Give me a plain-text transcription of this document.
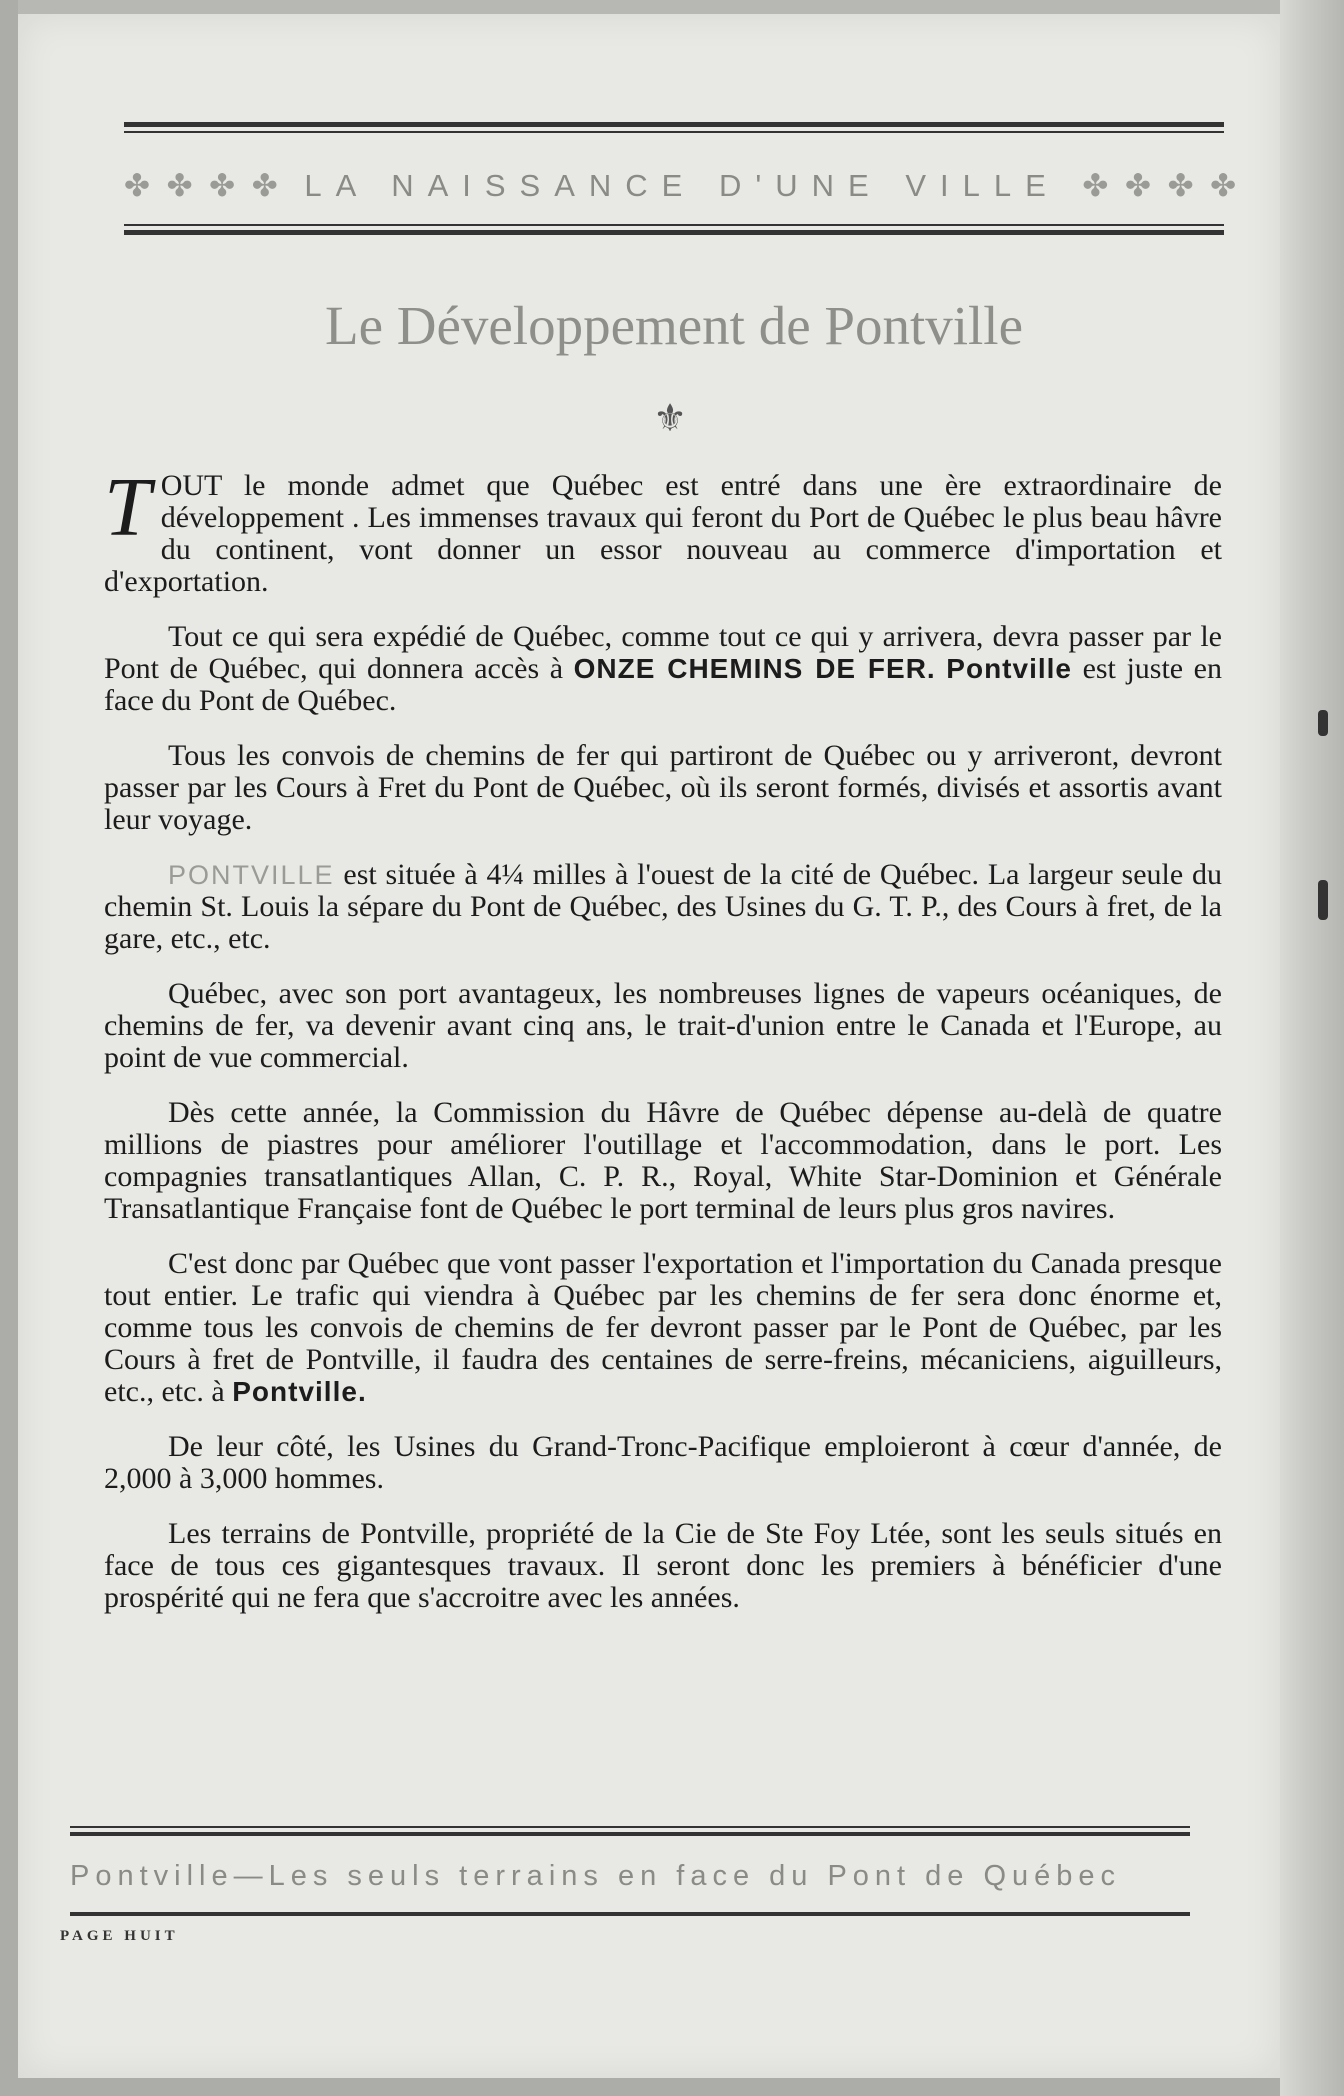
✤ ✤ ✤ ✤ LA NAISSANCE D'UNE VILLE ✤ ✤ ✤ ✤
Le Développement de Pontville
⚜

TOUT le monde admet que Québec est entré dans une ère extraordinaire de développement . Les immenses travaux qui feront du Port de Québec le plus beau hâvre du continent, vont donner un essor nouveau au commerce d'importation et d'exportation.

Tout ce qui sera expédié de Québec, comme tout ce qui y arrivera, devra passer par le Pont de Québec, qui donnera accès à ONZE CHEMINS DE FER. Pontville est juste en face du Pont de Québec.

Tous les convois de chemins de fer qui partiront de Québec ou y arriveront, devront passer par les Cours à Fret du Pont de Québec, où ils seront formés, divisés et assortis avant leur voyage.

PONTVILLE est située à 4¼ milles à l'ouest de la cité de Québec. La largeur seule du chemin St. Louis la sépare du Pont de Québec, des Usines du G. T. P., des Cours à fret, de la gare, etc., etc.

Québec, avec son port avantageux, les nombreuses lignes de vapeurs océaniques, de chemins de fer, va devenir avant cinq ans, le trait-d'union entre le Canada et l'Europe, au point de vue commercial.

Dès cette année, la Commission du Hâvre de Québec dépense au-delà de quatre millions de piastres pour améliorer l'outillage et l'accommodation, dans le port. Les compagnies transatlantiques Allan, C. P. R., Royal, White Star-Dominion et Générale Transatlantique Française font de Québec le port terminal de leurs plus gros navires.

C'est donc par Québec que vont passer l'exportation et l'importation du Canada presque tout entier. Le trafic qui viendra à Québec par les chemins de fer sera donc énorme et, comme tous les convois de chemins de fer devront passer par le Pont de Québec, par les Cours à fret de Pontville, il faudra des centaines de serre-freins, mécaniciens, aiguilleurs, etc., etc. à Pontville.

De leur côté, les Usines du Grand-Tronc-Pacifique emploieront à cœur d'année, de 2,000 à 3,000 hommes.

Les terrains de Pontville, propriété de la Cie de Ste Foy Ltée, sont les seuls situés en face de tous ces gigantesques travaux. Il seront donc les premiers à bénéficier d'une prospérité qui ne fera que s'accroitre avec les années.

Pontville—Les seuls terrains en face du Pont de Québec
PAGE HUIT
